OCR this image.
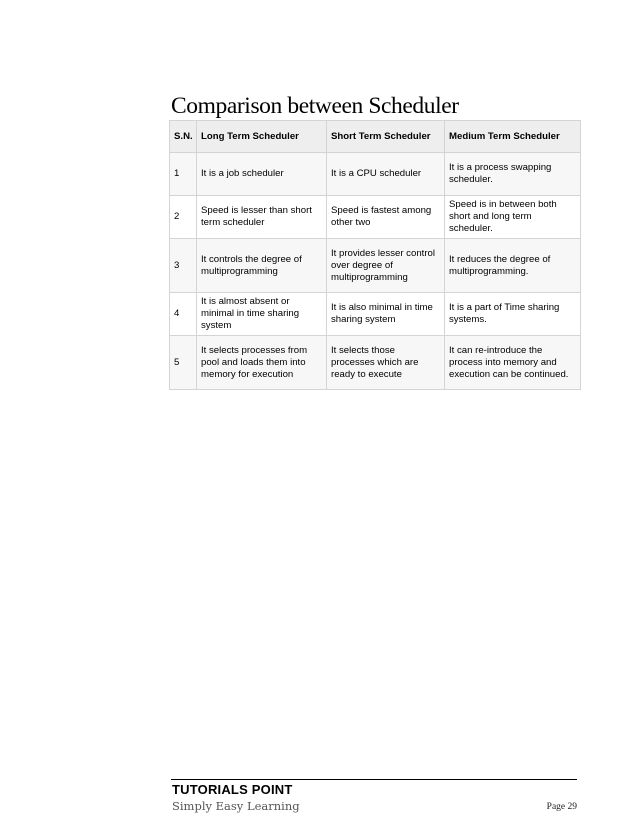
Comparison between Scheduler
S.N.	Long Term Scheduler	Short Term Scheduler	Medium Term Scheduler
1	It is a job scheduler	It is a CPU scheduler	It is a process swapping scheduler.
2	Speed is lesser than short term scheduler	Speed is fastest among other two	Speed is in between both short and long term scheduler.
3	It controls the degree of multiprogramming	It provides lesser control over degree of multiprogramming	It reduces the degree of multiprogramming.
4	It is almost absent or minimal in time sharing system	It is also minimal in time sharing system	It is a part of Time sharing systems.
5	It selects processes from pool and loads them into memory for execution	It selects those processes which are ready to execute	It can re-introduce the process into memory and execution can be continued.
TUTORIALS POINT
Simply Easy Learning	Page 29
